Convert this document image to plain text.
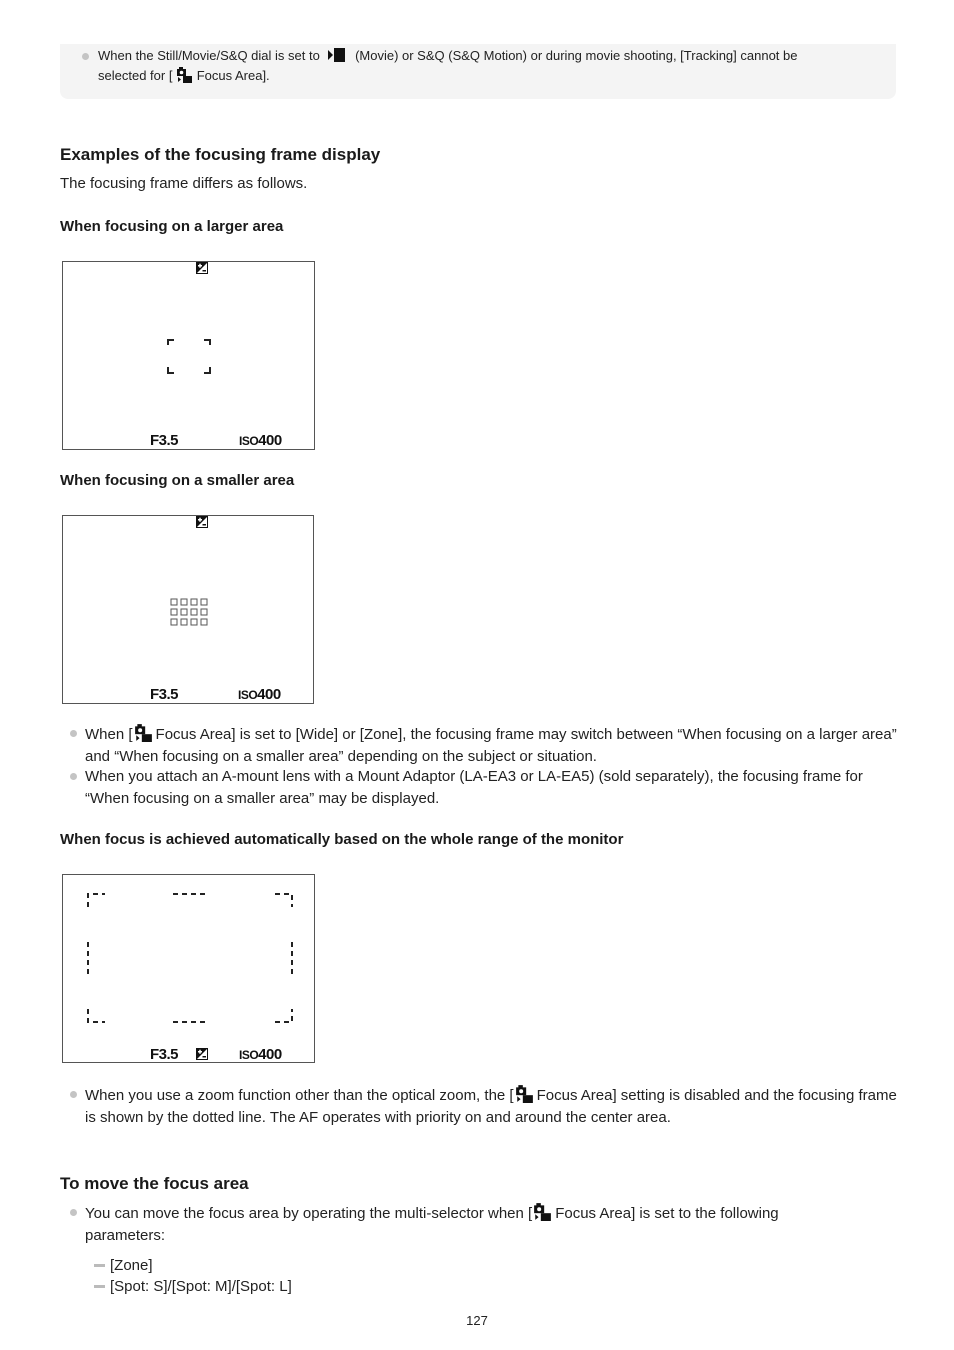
When the Still/Movie/S&Q dial is set to	(Movie) or S&Q (S&Q Motion) or during movie shooting, [Tracking] cannot be
selected for [ Focus Area].
Examples of the focusing frame display
The focusing frame differs as follows.
When focusing on a larger area
F3.5	ISO400
When focusing on a smaller area
F3.5	ISO400
When [ Focus Area] is set to [Wide] or [Zone], the focusing frame may switch between “When focusing on a larger area” and “When focusing on a smaller area” depending on the subject or situation.
When you attach an A-mount lens with a Mount Adaptor (LA-EA3 or LA-EA5) (sold separately), the focusing frame for “When focusing on a smaller area” may be displayed.
When focus is achieved automatically based on the whole range of the monitor
F3.5	ISO400
When you use a zoom function other than the optical zoom, the [ Focus Area] setting is disabled and the focusing frame is shown by the dotted line. The AF operates with priority on and around the center area.
To move the focus area
You can move the focus area by operating the multi-selector when [ Focus Area] is set to the following parameters:
[Zone]
[Spot: S]/[Spot: M]/[Spot: L]
127
